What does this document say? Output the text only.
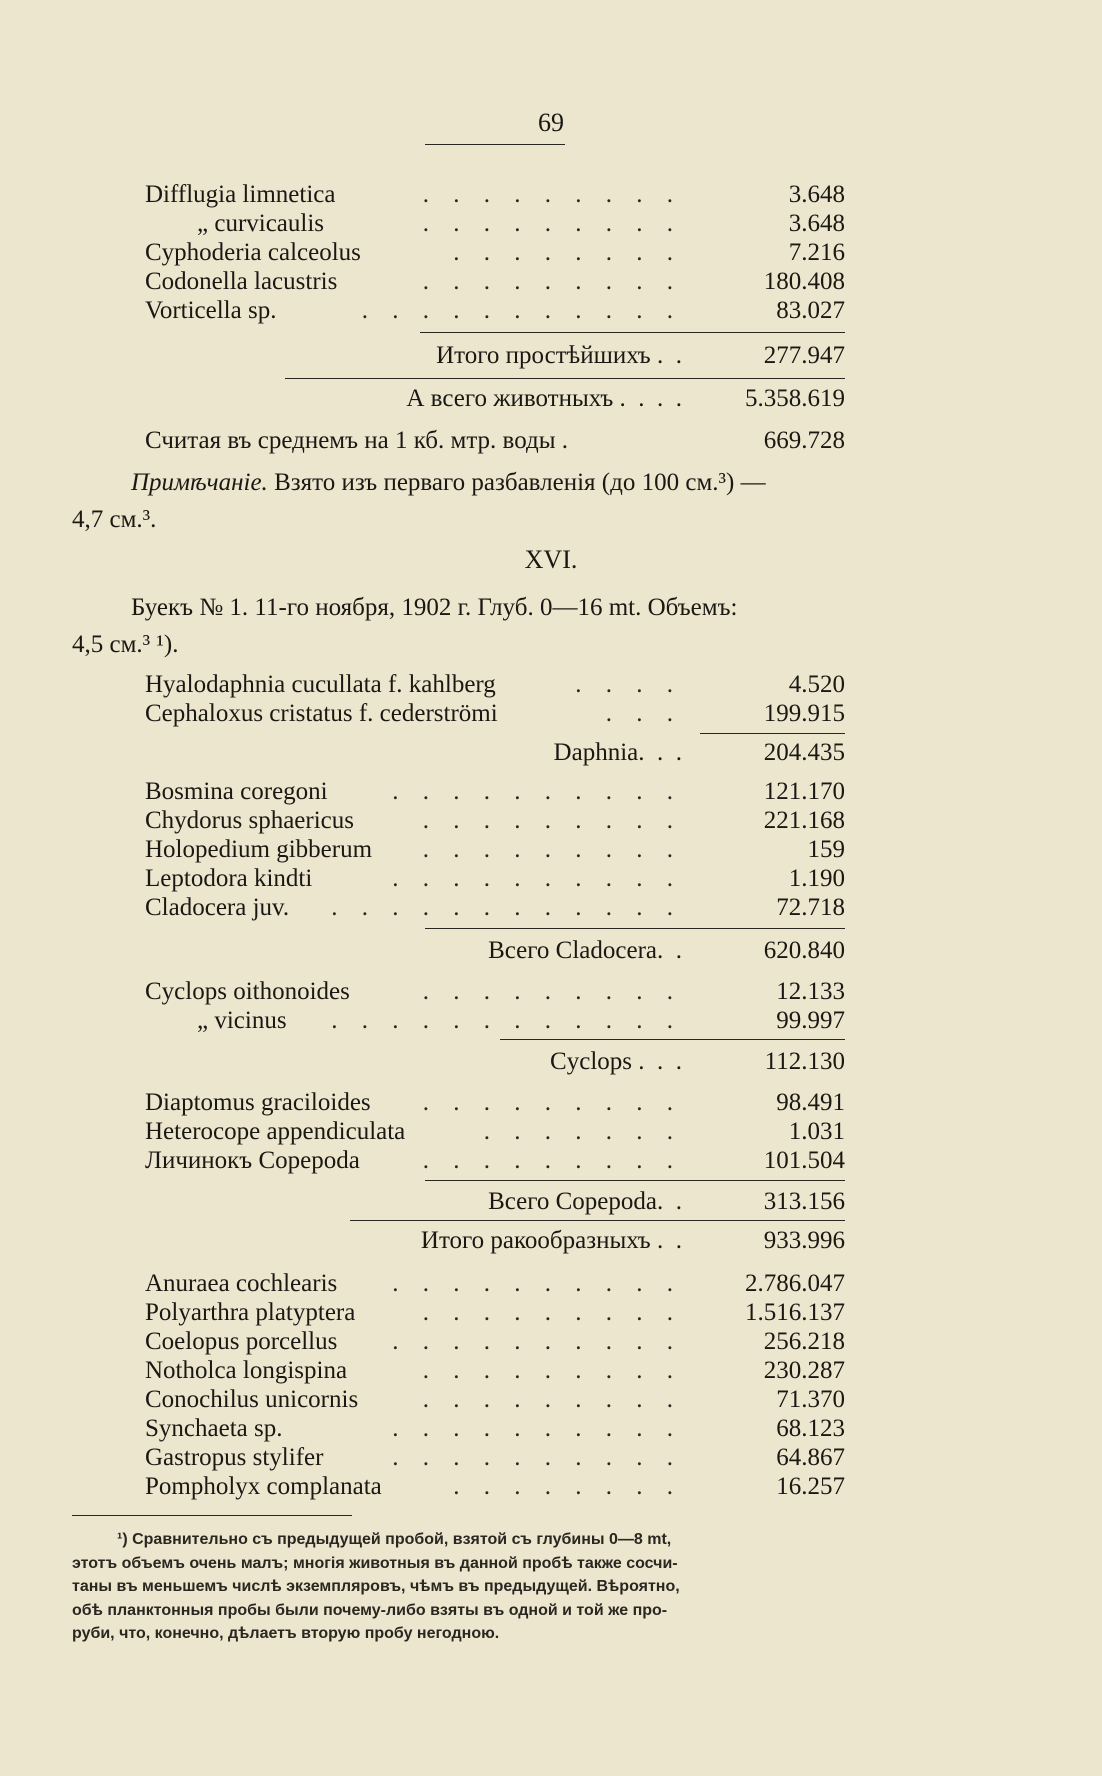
69
Difflugia limnetica	. . . . . . . . .	3.648
„ curvicaulis	. . . . . . . . .	3.648
Cyphoderia calceolus	. . . . . . . .	7.216
Codonella lacustris	. . . . . . . . .	180.408
Vorticella sp.	. . . . . . . . . . .	83.027
Итого простѣйшихъ .  .	277.947
А всего животныхъ .  .  .  .	5.358.619
Считая въ среднемъ на 1 кб. мтр. воды .	669.728
Примѣчаніе. Взято изъ перваго разбавленія (до 100 см.³) —
4,7 см.³.
XVI.
Буекъ № 1. 11-го ноября, 1902 г. Глуб. 0—16 mt. Объемъ:
4,5 см.³ ¹).
Hyalodaphnia cucullata f. kahlberg	. . . .	4.520
Cephaloxus cristatus f. cederströmi	. . .	199.915
Daphnia.  .  .	204.435
Bosmina coregoni	. . . . . . . . . .	121.170
Chydorus sphaericus	. . . . . . . . .	221.168
Holopedium gibberum . . . . . . . . .	159
Leptodora kindti	. . . . . . . . . .	1.190
Cladocera juv. . . . . . . . . . . . .	72.718
Всего Cladocera.  .	620.840
Cyclops oithonoides	. . . . . . . . .	12.133
„ vicinus . . . . . . . . . . . .	99.997
Cyclops .  .  .	112.130
Diaptomus graciloides . . . . . . . . .	98.491
Heterocope appendiculata	. . . . . . .	1.031
Личинокъ Copepoda	. . . . . . . . .	101.504
Всего Copepoda.  .	313.156
Итого ракообразныхъ .  .	933.996
Anuraea cochlearis . . . . . . . . . .	2.786.047
Polyarthra platyptera	. . . . . . . . .	1.516.137
Coelopus porcellus . . . . . . . . . .	256.218
Notholca longispina	. . . . . . . . .	230.287
Conochilus unicornis	. . . . . . . . .	71.370
Synchaeta sp.	. . . . . . . . . .	68.123
Gastropus stylifer	. . . . . . . . . .	64.867
Pompholyx complanata	. . . . . . . .	16.257
¹) Сравнительно съ предыдущей пробой, взятой съ глубины 0—8 mt,
этотъ объемъ очень малъ; многія животныя въ данной пробѣ также сосчи-
таны въ меньшемъ числѣ экземпляровъ, чѣмъ въ предыдущей. Вѣроятно,
обѣ планктонныя пробы были почему-либо взяты въ одной и той же про-
руби, что, конечно, дѣлаетъ вторую пробу негодною.
